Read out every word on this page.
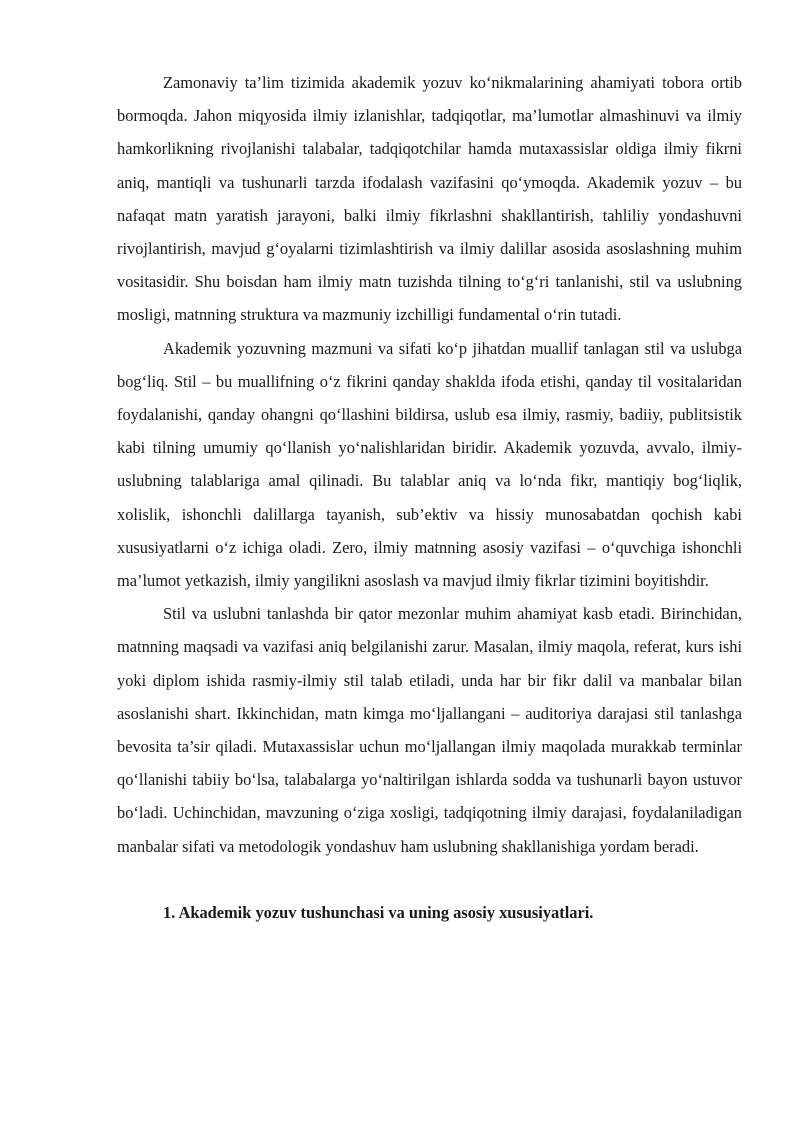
Zamonaviy ta’lim tizimida akademik yozuv ko‘nikmalarining ahamiyati tobora ortib bormoqda. Jahon miqyosida ilmiy izlanishlar, tadqiqotlar, ma’lumotlar almashinuvi va ilmiy hamkorlikning rivojlanishi talabalar, tadqiqotchilar hamda mutaxassislar oldiga ilmiy fikrni aniq, mantiqli va tushunarli tarzda ifodalash vazifasini qo‘ymoqda. Akademik yozuv – bu nafaqat matn yaratish jarayoni, balki ilmiy fikrlashni shakllantirish, tahliliy yondashuvni rivojlantirish, mavjud g‘oyalarni tizimlashtirish va ilmiy dalillar asosida asoslashning muhim vositasidir. Shu boisdan ham ilmiy matn tuzishda tilning to‘g‘ri tanlanishi, stil va uslubning mosligi, matnning struktura va mazmuniy izchilligi fundamental o‘rin tutadi.

Akademik yozuvning mazmuni va sifati ko‘p jihatdan muallif tanlagan stil va uslubga bog‘liq. Stil – bu muallifning o‘z fikrini qanday shaklda ifoda etishi, qanday til vositalaridan foydalanishi, qanday ohangni qo‘llashini bildirsa, uslub esa ilmiy, rasmiy, badiiy, publitsistik kabi tilning umumiy qo‘llanish yo‘nalishlaridan biridir. Akademik yozuvda, avvalo, ilmiy-uslubning talablariga amal qilinadi. Bu talablar aniq va lo‘nda fikr, mantiqiy bog‘liqlik, xolislik, ishonchli dalillarga tayanish, sub’ektiv va hissiy munosabatdan qochish kabi xususiyatlarni o‘z ichiga oladi. Zero, ilmiy matnning asosiy vazifasi – o‘quvchiga ishonchli ma’lumot yetkazish, ilmiy yangilikni asoslash va mavjud ilmiy fikrlar tizimini boyitishdir.

Stil va uslubni tanlashda bir qator mezonlar muhim ahamiyat kasb etadi. Birinchidan, matnning maqsadi va vazifasi aniq belgilanishi zarur. Masalan, ilmiy maqola, referat, kurs ishi yoki diplom ishida rasmiy-ilmiy stil talab etiladi, unda har bir fikr dalil va manbalar bilan asoslanishi shart. Ikkinchidan, matn kimga mo‘ljallangani – auditoriya darajasi stil tanlashga bevosita ta’sir qiladi. Mutaxassislar uchun mo‘ljallangan ilmiy maqolada murakkab terminlar qo‘llanishi tabiiy bo‘lsa, talabalarga yo‘naltirilgan ishlarda sodda va tushunarli bayon ustuvor bo‘ladi. Uchinchidan, mavzuning o‘ziga xosligi, tadqiqotning ilmiy darajasi, foydalaniladigan manbalar sifati va metodologik yondashuv ham uslubning shakllanishiga yordam beradi.

1. Akademik yozuv tushunchasi va uning asosiy xususiyatlari.
